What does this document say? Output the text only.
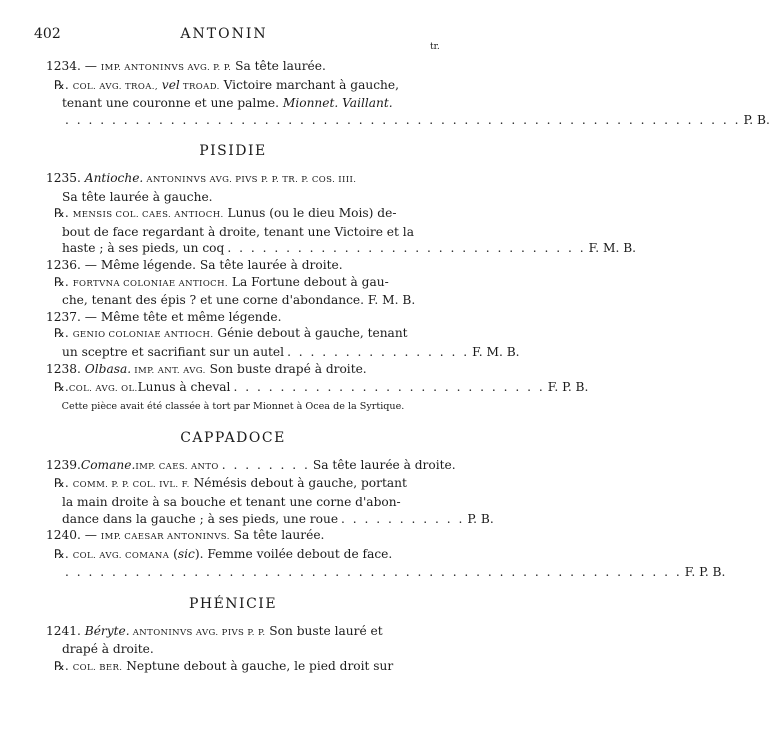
402	ANTONIN
tr.
1234. — IMP. ANTONINVS AVG. P. P. Sa tête laurée.
℞. COL. AVG. TROA., vel TROAD. Victoire marchant à gauche,
tenant une couronne et une palme. Mionnet. Vaillant.
. . . . . . . . . . . . . . . . . . . . . . . . . . . . . . . . . . . . . . . . . . . . . . . . . . . . . . . . . . P. B.
PISIDIE
1235. Antioche. ANTONINVS AVG. PIVS P. P. TR. P. COS. IIII.
Sa tête laurée à gauche.
℞. MENSIS COL. CAES. ANTIOCH. Lunus (ou le dieu Mois) de-
bout de face regardant à droite, tenant une Victoire et la
haste ; à ses pieds, un coq . . . . . . . . . . . . . . . . . . . . . . . . . . . . . . . F. M. B.
1236. — Même légende. Sa tête laurée à droite.
℞. FORTVNA COLONIAE ANTIOCH. La Fortune debout à gau-
che, tenant des épis ? et une corne d'abondance. F. M. B.
1237. — Même tête et même légende.
℞. GENIO COLONIAE ANTIOCH. Génie debout à gauche, tenant
un sceptre et sacrifiant sur un autel . . . . . . . . . . . . . . . . F. M. B.
1238. Olbasa. IMP. ANT. AVG. Son buste drapé à droite.
℞. COL. AVG. OL. Lunus à cheval . . . . . . . . . . . . . . . . . . . . . . . . . . . F. P. B.
Cette pièce avait été classée à tort par Mionnet à Ocea de la Syrtique.
CAPPADOCE
1239. Comane. IMP. CAES. ANTO . . . . . . . . Sa tête laurée à droite.
℞. COMM. P. P. COL. IVL. F. Némésis debout à gauche, portant
la main droite à sa bouche et tenant une corne d'abon-
dance dans la gauche ; à ses pieds, une roue . . . . . . . . . . . P. B.
1240. — IMP. CAESAR ANTONINVS. Sa tête laurée.
℞. COL. AVG. COMANA (sic). Femme voilée debout de face.
. . . . . . . . . . . . . . . . . . . . . . . . . . . . . . . . . . . . . . . . . . . . . . . . . . . . . F. P. B.
PHÉNICIE
1241. Béryte. ANTONINVS AVG. PIVS P. P. Son buste lauré et
drapé à droite.
℞. COL. BER. Neptune debout à gauche, le pied droit sur
